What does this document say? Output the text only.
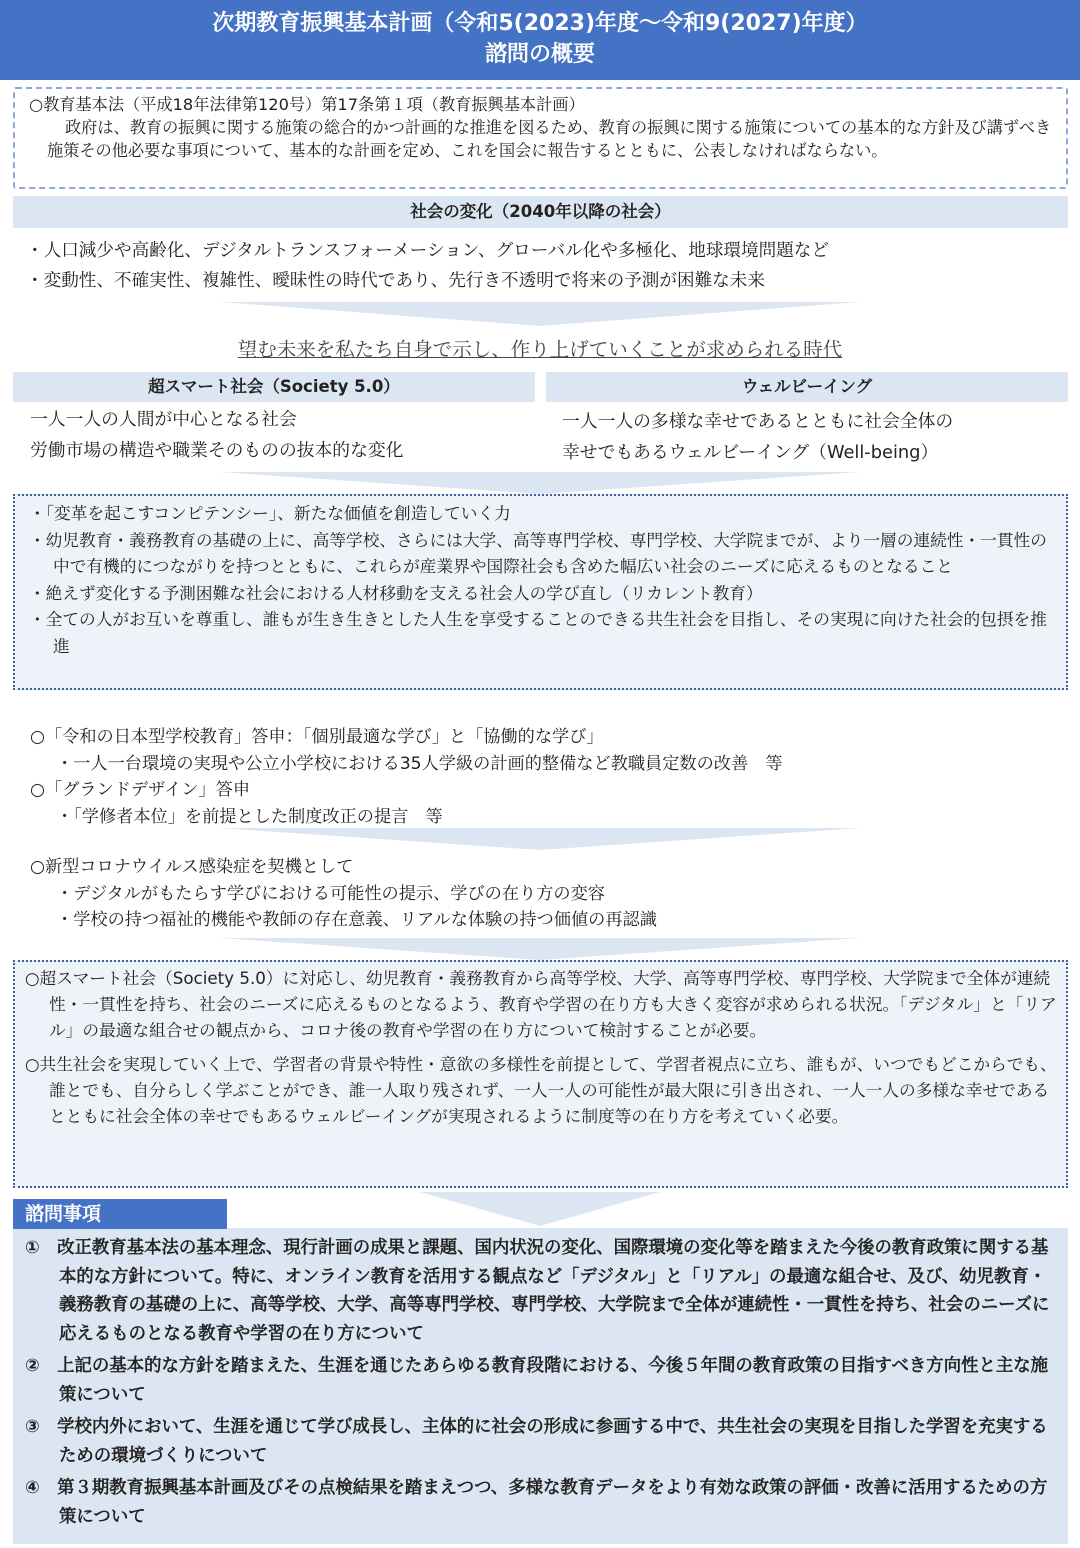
次期教育振興基本計画（令和5(2023)年度～令和9(2027)年度）
諮問の概要
○教育基本法（平成18年法律第120号）第17条第１項（教育振興基本計画）
政府は、教育の振興に関する施策の総合的かつ計画的な推進を図るため、教育の振興に関する施策についての基本的な方針及び講ずべき施策その他必要な事項について、基本的な計画を定め、これを国会に報告するとともに、公表しなければならない。
社会の変化（2040年以降の社会）
・人口減少や高齢化、デジタルトランスフォーメーション、グローバル化や多極化、地球環境問題など
・変動性、不確実性、複雑性、曖昧性の時代であり、先行き不透明で将来の予測が困難な未来
望む未来を私たち自身で示し、作り上げていくことが求められる時代
超スマート社会（Society 5.0）	ウェルビーイング
一人一人の人間が中心となる社会
労働市場の構造や職業そのものの抜本的な変化
一人一人の多様な幸せであるとともに社会全体の
幸せでもあるウェルビーイング（Well-being）
・「変革を起こすコンピテンシー」、新たな価値を創造していく力
・幼児教育・義務教育の基礎の上に、高等学校、さらには大学、高等専門学校、専門学校、大学院までが、より一層の連続性・一貫性の中で有機的につながりを持つとともに、これらが産業界や国際社会も含めた幅広い社会のニーズに応えるものとなること
・絶えず変化する予測困難な社会における人材移動を支える社会人の学び直し（リカレント教育）
・全ての人がお互いを尊重し、誰もが生き生きとした人生を享受することのできる共生社会を目指し、その実現に向けた社会的包摂を推進
○「令和の日本型学校教育」答申：「個別最適な学び」と「協働的な学び」
・一人一台環境の実現や公立小学校における35人学級の計画的整備など教職員定数の改善　等
○「グランドデザイン」答申
・「学修者本位」を前提とした制度改正の提言　等
○新型コロナウイルス感染症を契機として
・デジタルがもたらす学びにおける可能性の提示、学びの在り方の変容
・学校の持つ福祉的機能や教師の存在意義、リアルな体験の持つ価値の再認識
○超スマート社会（Society 5.0）に対応し、幼児教育・義務教育から高等学校、大学、高等専門学校、専門学校、大学院まで全体が連続性・一貫性を持ち、社会のニーズに応えるものとなるよう、教育や学習の在り方も大きく変容が求められる状況。「デジタル」と「リアル」の最適な組合せの観点から、コロナ後の教育や学習の在り方について検討することが必要。
○共生社会を実現していく上で、学習者の背景や特性・意欲の多様性を前提として、学習者視点に立ち、誰もが、いつでもどこからでも、誰とでも、自分らしく学ぶことができ、誰一人取り残されず、一人一人の可能性が最大限に引き出され、一人一人の多様な幸せであるとともに社会全体の幸せでもあるウェルビーイングが実現されるように制度等の在り方を考えていく必要。
①　改正教育基本法の基本理念、現行計画の成果と課題、国内状況の変化、国際環境の変化等を踏まえた今後の教育政策に関する基本的な方針について。特に、オンライン教育を活用する観点など「デジタル」と「リアル」の最適な組合せ、及び、幼児教育・義務教育の基礎の上に、高等学校、大学、高等専門学校、専門学校、大学院まで全体が連続性・一貫性を持ち、社会のニーズに応えるものとなる教育や学習の在り方について
②　上記の基本的な方針を踏まえた、生涯を通じたあらゆる教育段階における、今後５年間の教育政策の目指すべき方向性と主な施策について
③　学校内外において、生涯を通じて学び成長し、主体的に社会の形成に参画する中で、共生社会の実現を目指した学習を充実するための環境づくりについて
④　第３期教育振興基本計画及びその点検結果を踏まえつつ、多様な教育データをより有効な政策の評価・改善に活用するための方策について
諮問事項
